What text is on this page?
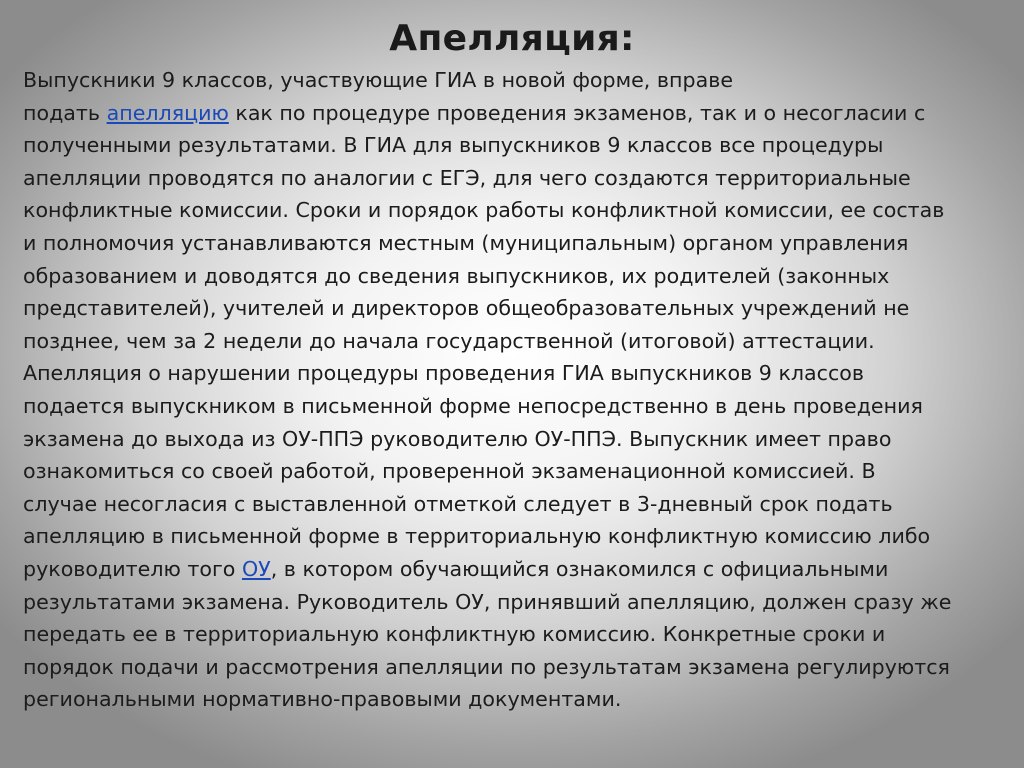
Апелляция:
Выпускники 9 классов, участвующие ГИА в новой форме, вправе
подать апелляцию как по процедуре проведения экзаменов, так и о несогласии с
полученными результатами. В ГИА для выпускников 9 классов все процедуры
апелляции проводятся по аналогии с ЕГЭ, для чего создаются территориальные
конфликтные комиссии. Сроки и порядок работы конфликтной комиссии, ее состав
и полномочия устанавливаются местным (муниципальным) органом управления
образованием и доводятся до сведения выпускников, их родителей (законных
представителей), учителей и директоров общеобразовательных учреждений не
позднее, чем за 2 недели до начала государственной (итоговой) аттестации.
Апелляция о нарушении процедуры проведения ГИА выпускников 9 классов
подается выпускником в письменной форме непосредственно в день проведения
экзамена до выхода из ОУ-ППЭ руководителю ОУ-ППЭ. Выпускник имеет право
ознакомиться со своей работой, проверенной экзаменационной комиссией. В
случае несогласия с выставленной отметкой следует в 3-дневный срок подать
апелляцию в письменной форме в территориальную конфликтную комиссию либо
руководителю того ОУ, в котором обучающийся ознакомился с официальными
результатами экзамена. Руководитель ОУ, принявший апелляцию, должен сразу же
передать ее в территориальную конфликтную комиссию. Конкретные сроки и
порядок подачи и рассмотрения апелляции по результатам экзамена регулируются
региональными нормативно-правовыми документами.
